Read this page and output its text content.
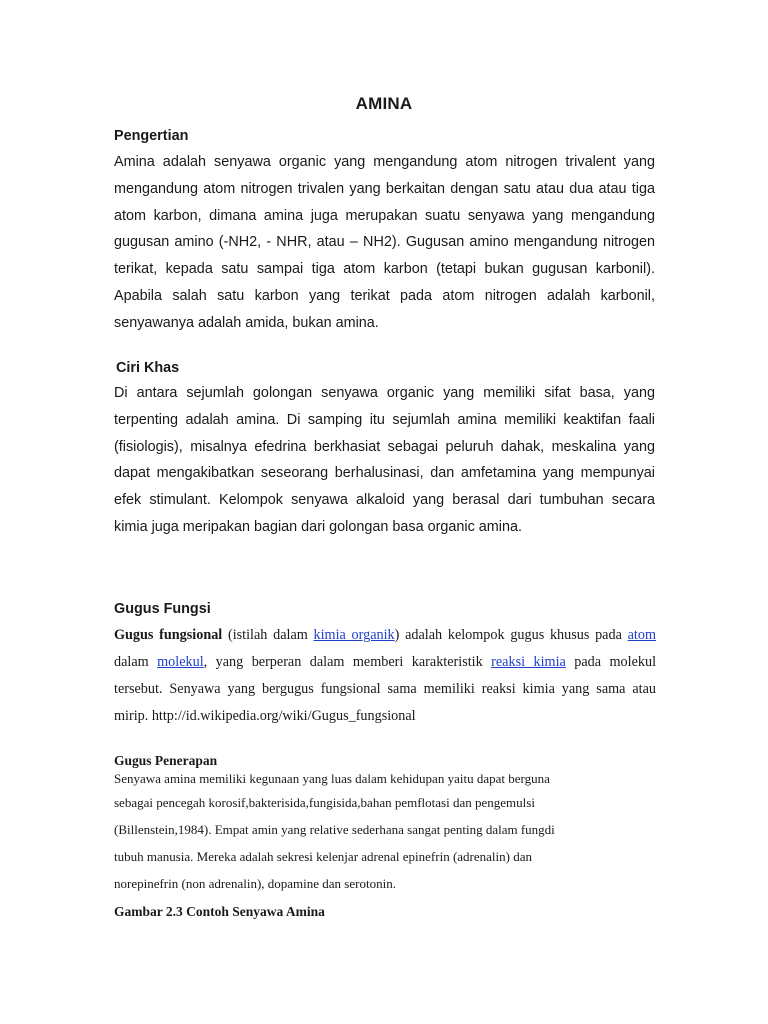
AMINA

Pengertian

Amina adalah senyawa organic yang mengandung atom nitrogen trivalent yang mengandung atom nitrogen trivalen yang berkaitan dengan satu atau dua atau tiga atom karbon, dimana amina juga merupakan suatu senyawa yang mengandung gugusan amino (-NH2, - NHR, atau – NH2). Gugusan amino mengandung nitrogen terikat, kepada satu sampai tiga atom karbon (tetapi bukan gugusan karbonil). Apabila salah satu karbon yang terikat pada atom nitrogen adalah karbonil, senyawanya adalah amida, bukan amina.

Ciri Khas

Di antara sejumlah golongan senyawa organic yang memiliki sifat basa, yang terpenting adalah amina. Di samping itu sejumlah amina memiliki keaktifan faali (fisiologis), misalnya efedrina berkhasiat sebagai peluruh dahak, meskalina yang dapat mengakibatkan seseorang berhalusinasi, dan amfetamina yang mempunyai efek stimulant. Kelompok senyawa alkaloid yang berasal dari tumbuhan secara kimia juga meripakan bagian dari golongan basa organic amina.

Gugus Fungsi

Gugus fungsional (istilah dalam kimia organik) adalah kelompok gugus khusus pada atom dalam molekul, yang berperan dalam memberi karakteristik reaksi kimia pada molekul tersebut. Senyawa yang bergugus fungsional sama memiliki reaksi kimia yang sama atau mirip. http://id.wikipedia.org/wiki/Gugus_fungsional

Gugus Penerapan

Senyawa amina memiliki kegunaan yang luas dalam kehidupan yaitu dapat berguna

sebagai pencegah korosif,bakterisida,fungisida,bahan pemflotasi dan pengemulsi

(Billenstein,1984). Empat amin yang relative sederhana sangat penting dalam fungdi

tubuh manusia. Mereka adalah sekresi kelenjar adrenal epinefrin (adrenalin) dan

norepinefrin (non adrenalin), dopamine dan serotonin.

Gambar 2.3 Contoh Senyawa Amina
